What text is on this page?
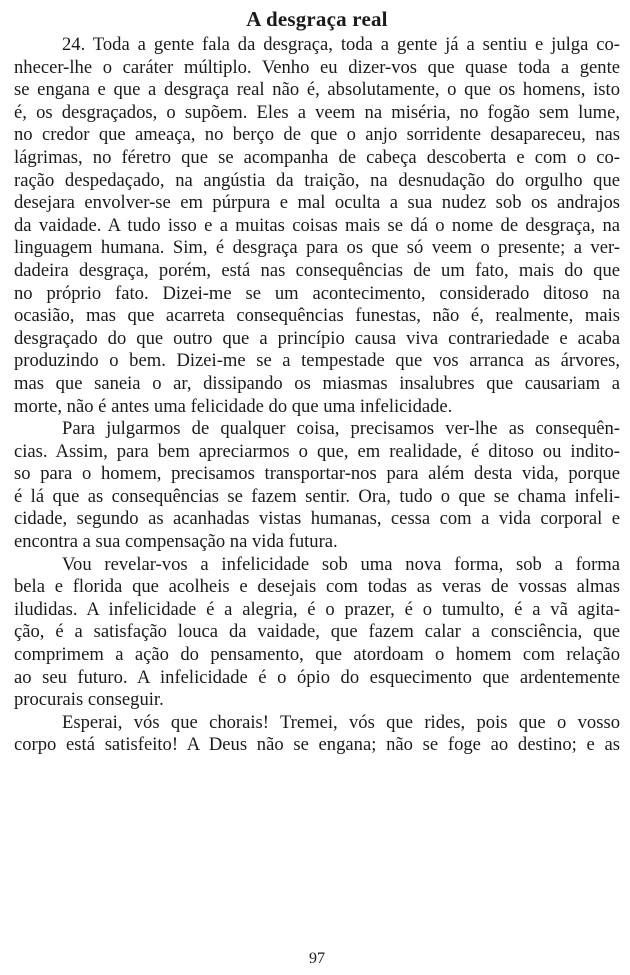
A desgraça real

24. Toda a gente fala da desgraça, toda a gente já a sentiu e julga co-
nhecer-lhe o caráter múltiplo. Venho eu dizer-vos que quase toda a gente
se engana e que a desgraça real não é, absolutamente, o que os homens, isto
é, os desgraçados, o supõem. Eles a veem na miséria, no fogão sem lume,
no credor que ameaça, no berço de que o anjo sorridente desapareceu, nas
lágrimas, no féretro que se acompanha de cabeça descoberta e com o co-
ração despedaçado, na angústia da traição, na desnudação do orgulho que
desejara envolver-se em púrpura e mal oculta a sua nudez sob os andrajos
da vaidade. A tudo isso e a muitas coisas mais se dá o nome de desgraça, na
linguagem humana. Sim, é desgraça para os que só veem o presente; a ver-
dadeira desgraça, porém, está nas consequências de um fato, mais do que
no próprio fato. Dizei-me se um acontecimento, considerado ditoso na
ocasião, mas que acarreta consequências funestas, não é, realmente, mais
desgraçado do que outro que a princípio causa viva contrariedade e acaba
produzindo o bem. Dizei-me se a tempestade que vos arranca as árvores,
mas que saneia o ar, dissipando os miasmas insalubres que causariam a
morte, não é antes uma felicidade do que uma infelicidade.

Para julgarmos de qualquer coisa, precisamos ver-lhe as consequên-
cias. Assim, para bem apreciarmos o que, em realidade, é ditoso ou indito-
so para o homem, precisamos transportar-nos para além desta vida, porque
é lá que as consequências se fazem sentir. Ora, tudo o que se chama infeli-
cidade, segundo as acanhadas vistas humanas, cessa com a vida corporal e
encontra a sua compensação na vida futura.

Vou revelar-vos a infelicidade sob uma nova forma, sob a forma
bela e florida que acolheis e desejais com todas as veras de vossas almas
iludidas. A infelicidade é a alegria, é o prazer, é o tumulto, é a vã agita-
ção, é a satisfação louca da vaidade, que fazem calar a consciência, que
comprimem a ação do pensamento, que atordoam o homem com relação
ao seu futuro. A infelicidade é o ópio do esquecimento que ardentemente
procurais conseguir.

Esperai, vós que chorais! Tremei, vós que rides, pois que o vosso
corpo está satisfeito! A Deus não se engana; não se foge ao destino; e as

97
